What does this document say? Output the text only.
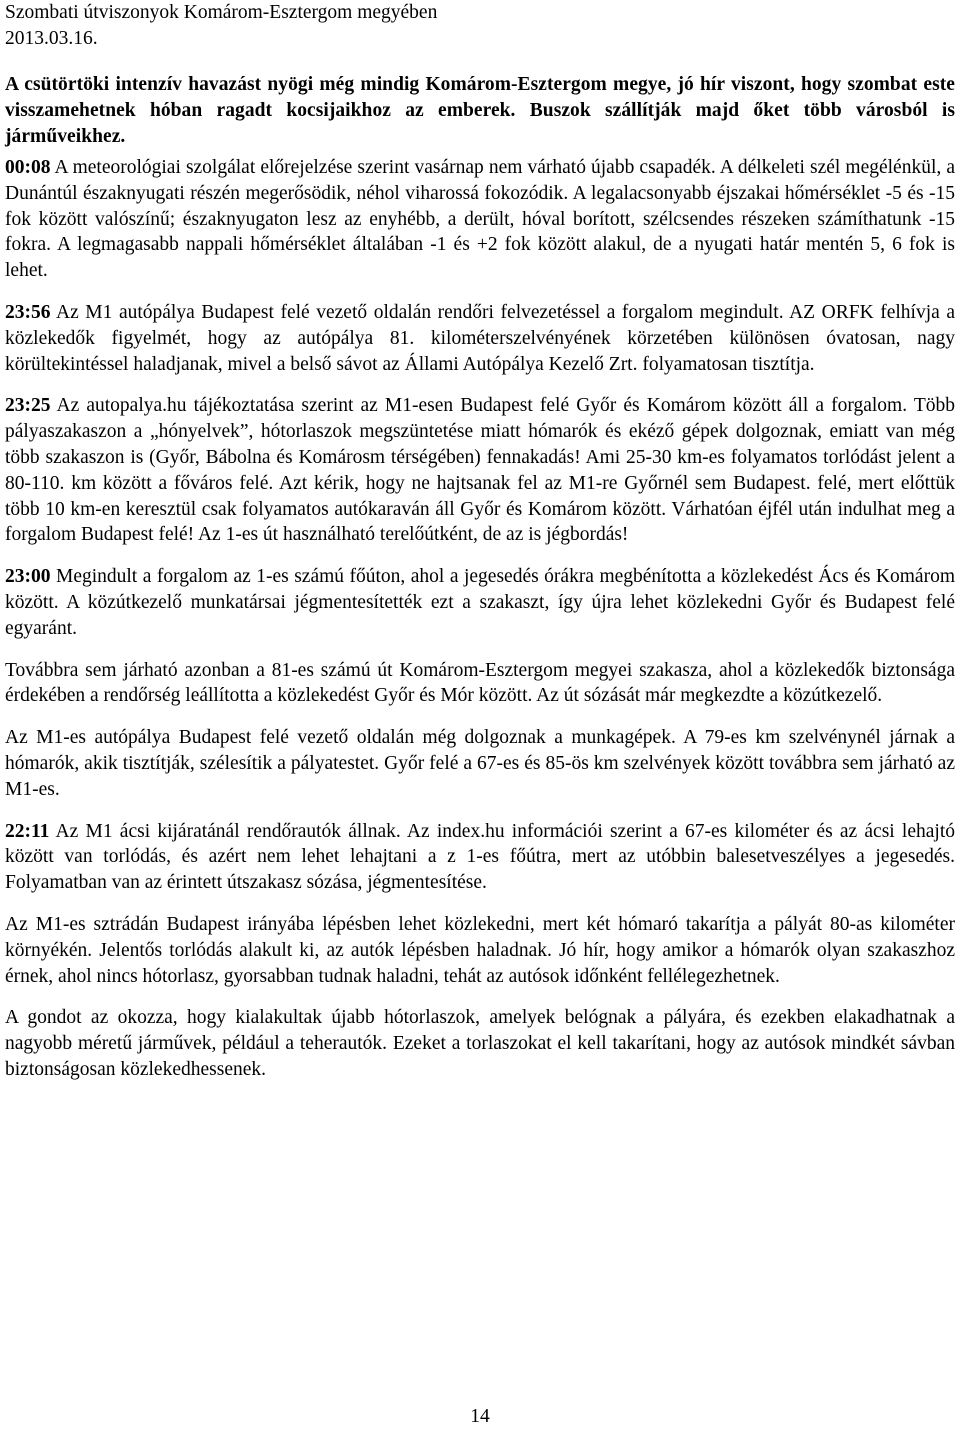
Szombati útviszonyok Komárom-Esztergom megyében
2013.03.16.
A csütörtöki intenzív havazást nyögi még mindig Komárom-Esztergom megye, jó hír viszont, hogy szombat este visszamehetnek hóban ragadt kocsijaikhoz az emberek. Buszok szállítják majd őket több városból is járműveikhez.

00:08 A meteorológiai szolgálat előrejelzése szerint vasárnap nem várható újabb csapadék. A délkeleti szél megélénkül, a Dunántúl északnyugati részén megerősödik, néhol viharossá fokozódik. A legalacsonyabb éjszakai hőmérséklet -5 és -15 fok között valószínű; északnyugaton lesz az enyhébb, a derült, hóval borított, szélcsendes részeken számíthatunk -15 fokra. A legmagasabb nappali hőmérséklet általában -1 és +2 fok között alakul, de a nyugati határ mentén 5, 6 fok is lehet.

23:56 Az M1 autópálya Budapest felé vezető oldalán rendőri felvezetéssel a forgalom megindult. AZ ORFK felhívja a közlekedők figyelmét, hogy az autópálya 81. kilométerszelvényének körzetében különösen óvatosan, nagy körültekintéssel haladjanak, mivel a belső sávot az Állami Autópálya Kezelő Zrt. folyamatosan tisztítja.

23:25 Az autopalya.hu tájékoztatása szerint az M1-esen Budapest felé Győr és Komárom között áll a forgalom. Több pályaszakaszon a „hónyelvek”, hótorlaszok megszüntetése miatt hómarók és ekéző gépek dolgoznak, emiatt van még több szakaszon is (Győr, Bábolna és Komárosm térségében) fennakadás! Ami 25-30 km-es folyamatos torlódást jelent a 80-110. km között a főváros felé. Azt kérik, hogy ne hajtsanak fel az M1-re Győrnél sem Budapest. felé, mert előttük több 10 km-en keresztül csak folyamatos autókaraván áll Győr és Komárom között. Várhatóan éjfél után indulhat meg a forgalom Budapest felé! Az 1-es út használható terelőútként, de az is jégbordás!

23:00 Megindult a forgalom az 1-es számú főúton, ahol a jegesedés órákra megbénította a közlekedést Ács és Komárom között. A közútkezelő munkatársai jégmentesítették ezt a szakaszt, így újra lehet közlekedni Győr és Budapest felé egyaránt.

Továbbra sem járható azonban a 81-es számú út Komárom-Esztergom megyei szakasza, ahol a közlekedők biztonsága érdekében a rendőrség leállította a közlekedést Győr és Mór között. Az út sózását már megkezdte a közútkezelő.

Az M1-es autópálya Budapest felé vezető oldalán még dolgoznak a munkagépek. A 79-es km szelvénynél járnak a hómarók, akik tisztítják, szélesítik a pályatestet. Győr felé a 67-es és 85-ös km szelvények között továbbra sem járható az M1-es.

22:11 Az M1 ácsi kijáratánál rendőrautók állnak. Az index.hu információi szerint a 67-es kilométer és az ácsi lehajtó között van torlódás, és azért nem lehet lehajtani a z 1-es főútra, mert az utóbbin balesetveszélyes a jegesedés. Folyamatban van az érintett útszakasz sózása, jégmentesítése.

Az M1-es sztrádán Budapest irányába lépésben lehet közlekedni, mert két hómaró takarítja a pályát 80-as kilométer környékén. Jelentős torlódás alakult ki, az autók lépésben haladnak. Jó hír, hogy amikor a hómarók olyan szakaszhoz érnek, ahol nincs hótorlasz, gyorsabban tudnak haladni, tehát az autósok időnként fellélegezhetnek.

A gondot az okozza, hogy kialakultak újabb hótorlaszok, amelyek belógnak a pályára, és ezekben elakadhatnak a nagyobb méretű járművek, például a teherautók. Ezeket a torlaszokat el kell takarítani, hogy az autósok mindkét sávban biztonságosan közlekedhessenek.

14
